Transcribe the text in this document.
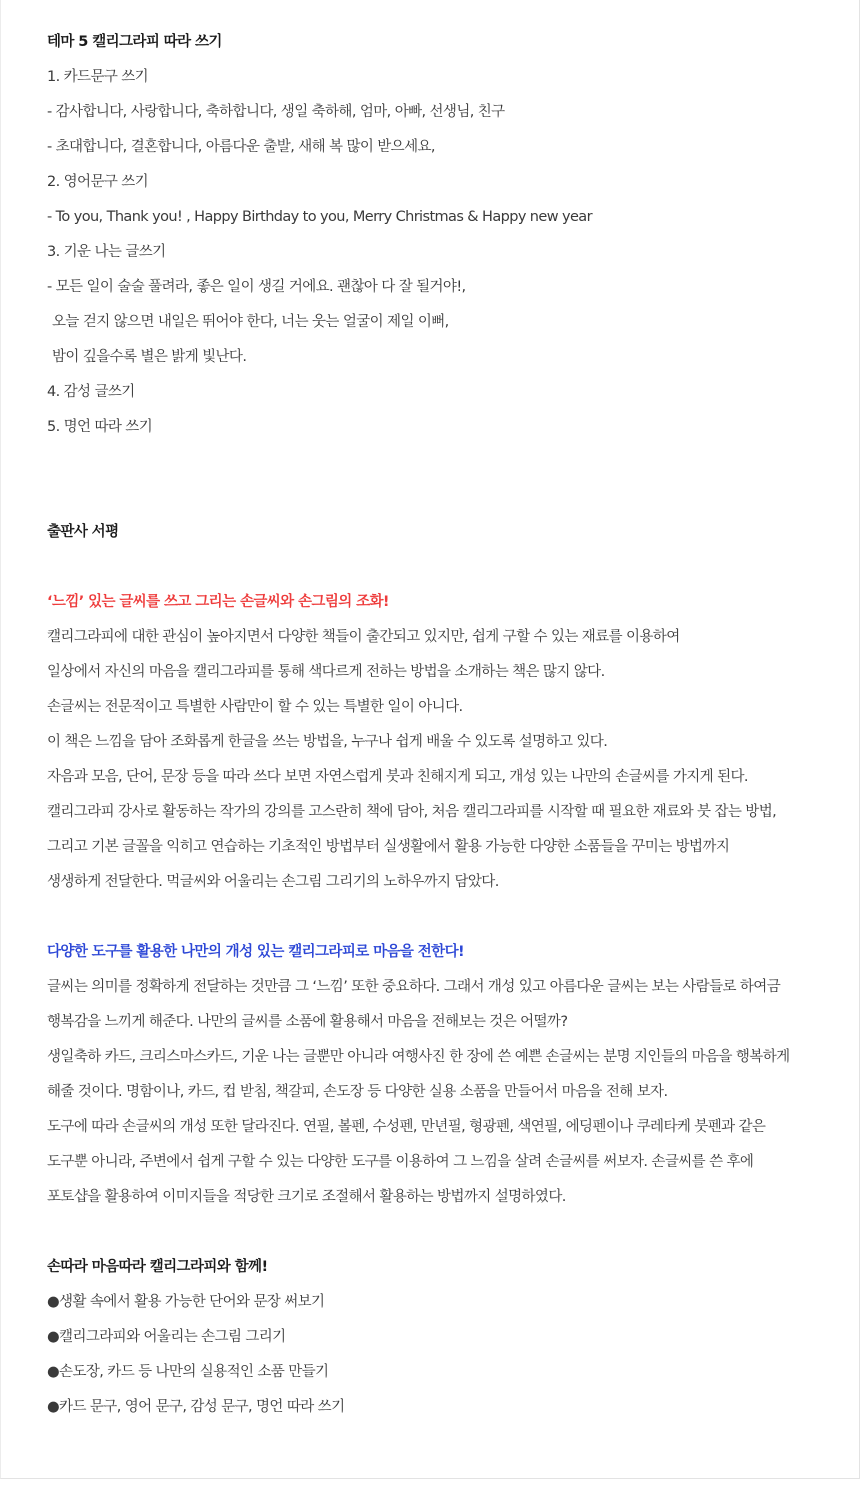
테마 5 캘리그라피 따라 쓰기
1. 카드문구 쓰기
- 감사합니다, 사랑합니다, 축하합니다, 생일 축하해, 엄마, 아빠, 선생님, 친구
- 초대합니다, 결혼합니다, 아름다운 출발, 새해 복 많이 받으세요,
2. 영어문구 쓰기
- To you, Thank you! , Happy Birthday to you, Merry Christmas & Happy new year
3. 기운 나는 글쓰기
- 모든 일이 술술 풀려라, 좋은 일이 생길 거에요. 괜찮아 다 잘 될거야!,
오늘 걷지 않으면 내일은 뛰어야 한다, 너는 웃는 얼굴이 제일 이뻐,
밤이 깊을수록 별은 밝게 빛난다.
4. 감성 글쓰기
5. 명언 따라 쓰기
출판사 서평
‘느낌’ 있는 글씨를 쓰고 그리는 손글씨와 손그림의 조화!
캘리그라피에 대한 관심이 높아지면서 다양한 책들이 출간되고 있지만, 쉽게 구할 수 있는 재료를 이용하여
일상에서 자신의 마음을 캘리그라피를 통해 색다르게 전하는 방법을 소개하는 책은 많지 않다.
손글씨는 전문적이고 특별한 사람만이 할 수 있는 특별한 일이 아니다.
이 책은 느낌을 담아 조화롭게 한글을 쓰는 방법을, 누구나 쉽게 배울 수 있도록 설명하고 있다.
자음과 모음, 단어, 문장 등을 따라 쓰다 보면 자연스럽게 붓과 친해지게 되고, 개성 있는 나만의 손글씨를 가지게 된다.
캘리그라피 강사로 활동하는 작가의 강의를 고스란히 책에 담아, 처음 캘리그라피를 시작할 때 필요한 재료와 붓 잡는 방법,
그리고 기본 글꼴을 익히고 연습하는 기초적인 방법부터 실생활에서 활용 가능한 다양한 소품들을 꾸미는 방법까지
생생하게 전달한다. 먹글씨와 어울리는 손그림 그리기의 노하우까지 담았다.
다양한 도구를 활용한 나만의 개성 있는 캘리그라피로 마음을 전한다!
글씨는 의미를 정확하게 전달하는 것만큼 그 ‘느낌’ 또한 중요하다. 그래서 개성 있고 아름다운 글씨는 보는 사람들로 하여금
행복감을 느끼게 해준다. 나만의 글씨를 소품에 활용해서 마음을 전해보는 것은 어떨까?
생일축하 카드, 크리스마스카드, 기운 나는 글뿐만 아니라 여행사진 한 장에 쓴 예쁜 손글씨는 분명 지인들의 마음을 행복하게
해줄 것이다. 명함이나, 카드, 컵 받침, 책갈피, 손도장 등 다양한 실용 소품을 만들어서 마음을 전해 보자.
도구에 따라 손글씨의 개성 또한 달라진다. 연필, 볼펜, 수성펜, 만년필, 형광펜, 색연필, 에딩펜이나 쿠레타케 붓펜과 같은
도구뿐 아니라, 주변에서 쉽게 구할 수 있는 다양한 도구를 이용하여 그 느낌을 살려 손글씨를 써보자. 손글씨를 쓴 후에
포토샵을 활용하여 이미지들을 적당한 크기로 조절해서 활용하는 방법까지 설명하였다.
손따라 마음따라 캘리그라피와 함께!
●생활 속에서 활용 가능한 단어와 문장 써보기
●캘리그라피와 어울리는 손그림 그리기
●손도장, 카드 등 나만의 실용적인 소품 만들기
●카드 문구, 영어 문구, 감성 문구, 명언 따라 쓰기
